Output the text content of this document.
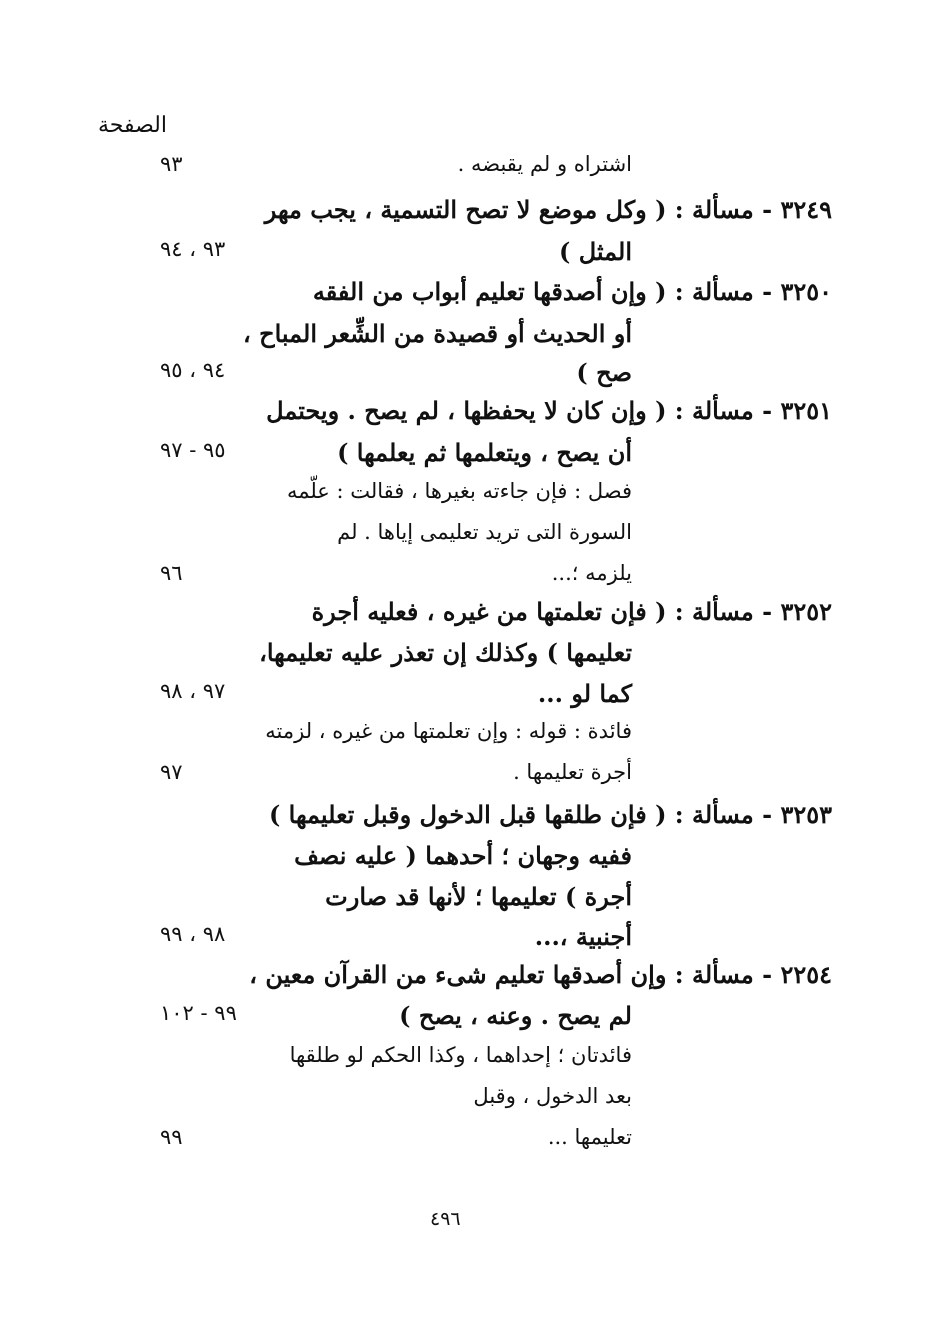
الصفحة
اشتراه و لم يقبضه .
٣٢٤٩ - مسألة : ( وكل موضع لا تصح التسمية ، يجب مهر
المثل )
٣٢٥٠ - مسألة : ( وإن أصدقها تعليم أبواب من الفقه
أو الحديث أو قصيدة من الشِّعر المباح ،
صح )
٣٢٥١ - مسألة : ( وإن كان لا يحفظها ، لم يصح . ويحتمل
أن يصح ، ويتعلمها ثم يعلمها )
فصل : فإن جاءته بغيرها ، فقالت : علّمه
السورة التى تريد تعليمى إياها . لم
يلزمه ؛...
٣٢٥٢ - مسألة : ( فإن تعلمتها من غيره ، فعليه أجرة
تعليمها ) وكذلك إن تعذر عليه تعليمها،
كما لو ...
فائدة : قوله : وإن تعلمتها من غيره ، لزمته
أجرة تعليمها .
٣٢٥٣ - مسألة : ( فإن طلقها قبل الدخول وقبل تعليمها )
ففيه وجهان ؛ أحدهما ( عليه نصف
أجرة ) تعليمها ؛ لأنها قد صارت
أجنبية ،...
٢٢٥٤ - مسألة : وإن أصدقها تعليم شىء من القرآن معين ،
لم يصح . وعنه ، يصح )
فائدتان ؛ إحداهما ، وكذا الحكم لو طلقها
بعد الدخول ، وقبل
تعليمها ...
٩٣
٩٣ ، ٩٤
٩٤ ، ٩٥
٩٥ - ٩٧
٩٦
٩٧ ، ٩٨
٩٧
٩٨ ، ٩٩
٩٩ - ١٠٢
٩٩
٤٩٦
